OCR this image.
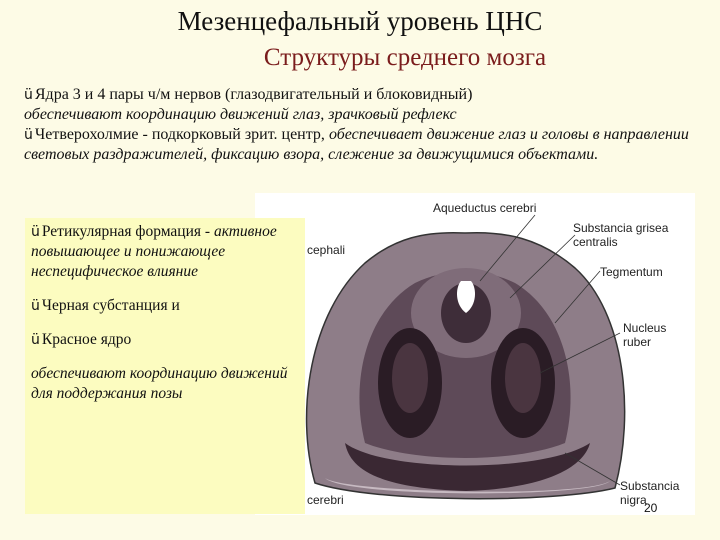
Мезенцефальный уровень ЦНС
Структуры среднего мозга
ü Ядра 3 и 4 пары ч/м нервов (глазодвигательный и блоковидный)
обеспечивают координацию движений глаз, зрачковый рефлекс
ü Четверохолмие - подкорковый зрит. центр, обеспечивает движение глаз и головы в направлении световых раздражителей, фиксацию взора, слежение за движущимися объектами.
Aqueductus cerebri
Substancia grisea
centralis
Tegmentum
Nucleus
ruber
Substancia
nigra
cephali
cerebri

ü Ретикулярная формация - активное повышающее и понижающее неспецифическое влияние

ü Черная субстанция и

ü Красное ядро

обеспечивают координацию движений для поддержания позы

20
